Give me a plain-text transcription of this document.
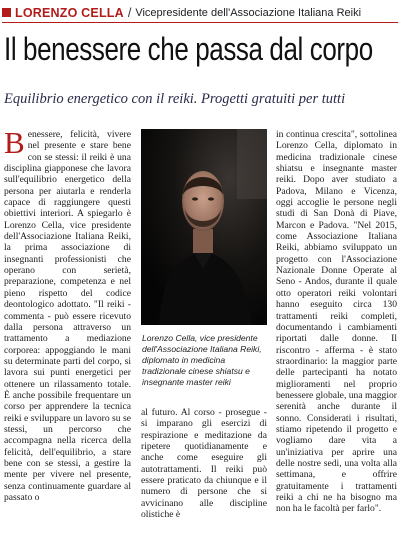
LORENZO CELLA / Vicepresidente dell'Associazione Italiana Reiki
Il benessere che passa dal corpo
Equilibrio energetico con il reiki. Progetti gratuiti per tutti
Benessere, felicità, vivere nel presente e stare bene con se stessi: il reiki è una disciplina giapponese che lavora sull'equilibrio energetico della persona per aiutarla e renderla capace di raggiungere questi obiettivi interiori. A spiegarlo è Lorenzo Cella, vice presidente dell'Associazione Italiana Reiki, la prima associazione di insegnanti professionisti che operano con serietà, preparazione, competenza e nel pieno rispetto del codice deontologico adottato. "Il reiki - commenta - può essere ricevuto dalla persona attraverso un trattamento a mediazione corporea: appoggiando le mani su determinate parti del corpo, si lavora sui punti energetici per ottenere un rilassamento totale. È anche possibile frequentare un corso per apprendere la tecnica reiki e sviluppare un lavoro su se stessi, un percorso che accompagna nella ricerca della felicità, dell'equilibrio, a stare bene con se stessi, a gestire la mente per vivere nel presente, senza continuamente guardare al passato o
Lorenzo Cella, vice presidente dell'Associazione Italiana Reiki, diplomato in medicina tradizionale cinese shiatsu e insegnante master reiki
al futuro. Al corso - prosegue - si imparano gli esercizi di respirazione e meditazione da ripetere quotidianamente e anche come eseguire gli autotrattamenti. Il reiki può essere praticato da chiunque e il numero di persone che si avvicinano alle discipline olistiche è
in continua crescita", sottolinea Lorenzo Cella, diplomato in medicina tradizionale cinese shiatsu e insegnante master reiki. Dopo aver studiato a Padova, Milano e Vicenza, oggi accoglie le persone negli studi di San Donà di Piave, Marcon e Padova. "Nel 2015, come Associazione Italiana Reiki, abbiamo sviluppato un progetto con l'Associazione Nazionale Donne Operate al Seno - Andos, durante il quale otto operatori reiki volontari hanno eseguito circa 130 trattamenti reiki completi, documentando i cambiamenti riportati dalle donne. Il riscontro - afferma - è stato straordinario: la maggior parte delle partecipanti ha notato miglioramenti nel proprio benessere globale, una maggior serenità anche durante il sonno. Considerati i risultati, stiamo ripetendo il progetto e vogliamo dare vita a un'iniziativa per aprire una delle nostre sedi, una volta alla settimana, e offrire gratuitamente i trattamenti reiki a chi ne ha bisogno ma non ha le facoltà per farlo".
